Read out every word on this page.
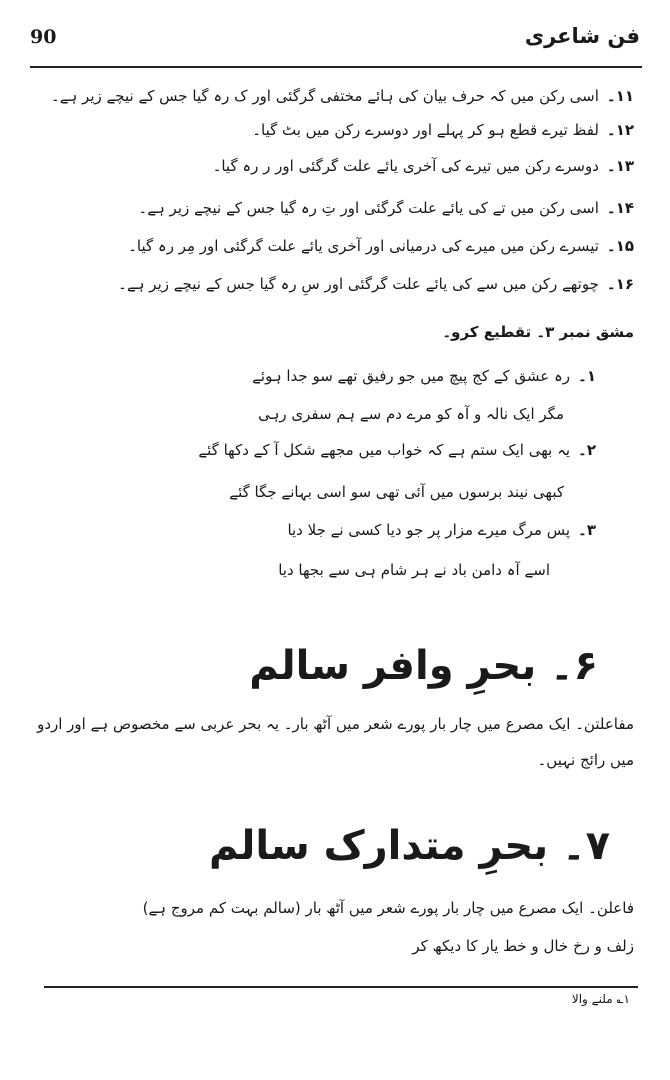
90	فن شاعری
۱۱۔اسی رکن میں کہ حرف بیان کی ہائے مختفی گرگئی اور ک رہ گیا جس کے نیچے زیر ہے۔
۱۲۔لفظ تیرے قطع ہو کر پہلے اور دوسرے رکن میں بٹ گیا۔
۱۳۔دوسرے رکن میں تیرے کی آخری یائے علت گرگئی اور ر رہ گیا۔
۱۴۔اسی رکن میں تے کی یائے علت گرگئی اور تِ رہ گیا جس کے نیچے زیر ہے۔
۱۵۔تیسرے رکن میں میرے کی درمیانی اور آخری یائے علت گرگئی اور مِر رہ گیا۔
۱۶۔چوتھے رکن میں سے کی یائے علت گرگئی اور سِ رہ گیا جس کے نیچے زیر ہے۔
مشق نمبر ۳۔ تقطیع کرو۔
۱۔رہ عشق کے کج پیچ میں جو رفیق تھے سو جدا ہوئے
مگر ایک نالہ و آہ کو مرے دم سے ہم سفری رہی
۲۔یہ بھی ایک ستم ہے کہ خواب میں مجھے شکل آ کے دکھا گئے
کبھی نیند برسوں میں آئی تھی سو اسی بہانے جگا گئے
۳۔پس مرگ میرے مزار پر جو دیا کسی نے جلا دیا
اسے آہ دامن باد نے ہر شام ہی سے بجھا دیا
۶۔ بحرِ وافر سالم
مفاعلتن۔ ایک مصرع میں چار بار پورے شعر میں آٹھ بار۔ یہ بحر عربی سے مخصوص ہے اور اردو
میں رائج نہیں۔
۷۔ بحرِ متدارک سالم
فاعلن۔ ایک مصرع میں چار بار پورے شعر میں آٹھ بار (سالم بہت کم مروج ہے)
زلف و رخ خال و خط یار کا دیکھ کر
۱؎ ملنے والا
